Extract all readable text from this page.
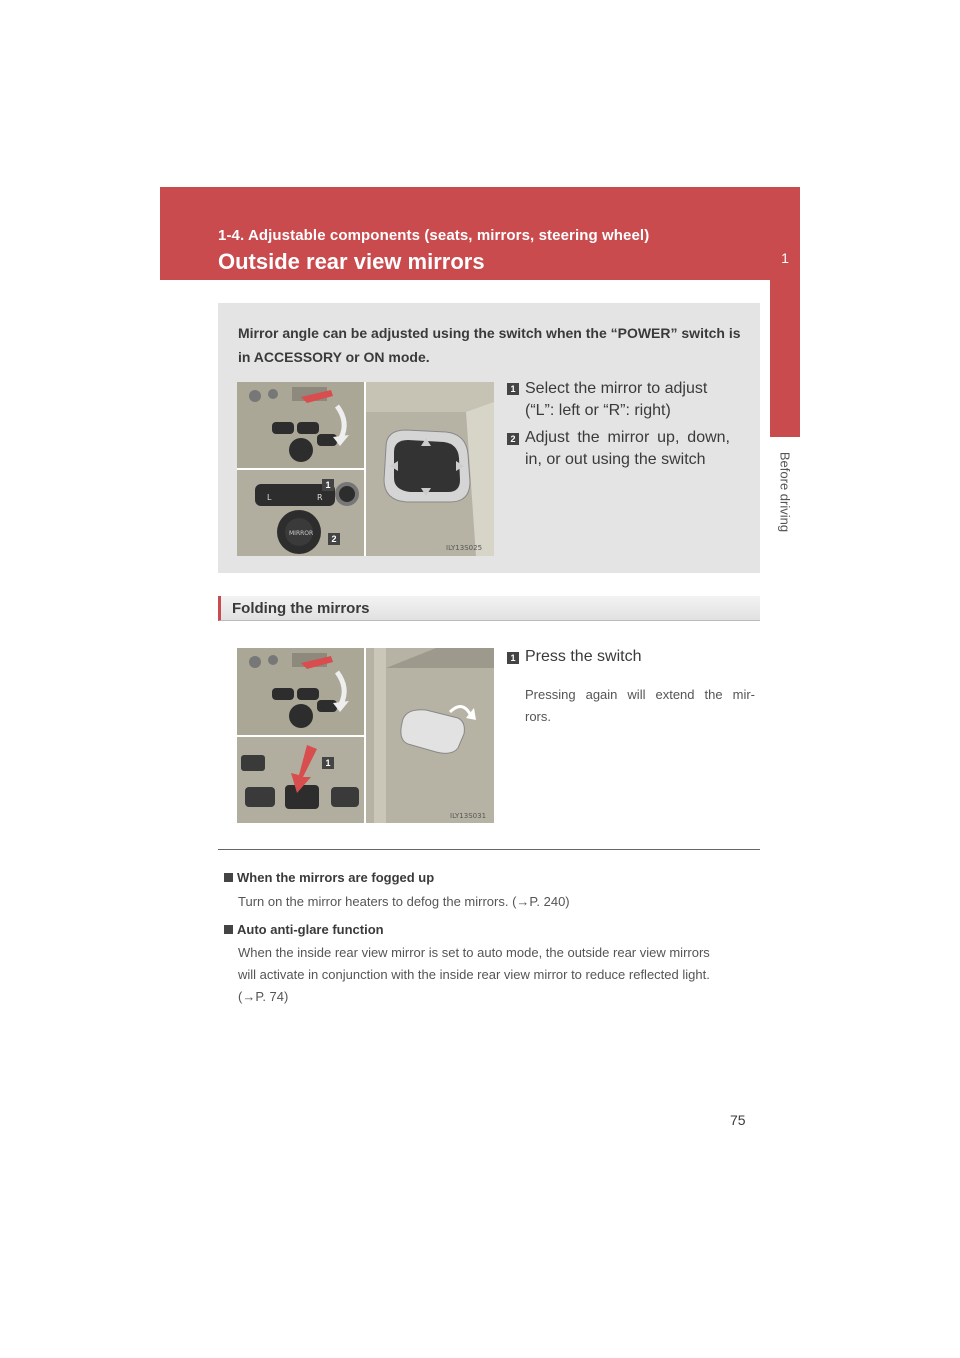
1-4. Adjustable components (seats, mirrors, steering wheel)
Outside rear view mirrors	1
Before driving
Mirror angle can be adjusted using the switch when the “POWER” switch is in ACCESSORY or ON mode.
L	R
MIRROR
1
2
ILY13S025
1 Select the mirror to adjust
(“L”: left or “R”: right)
2 Adjust the mirror up, down,
in, or out using the switch
Folding the mirrors
1
ILY13S031
1 Press the switch
Pressing again will extend the mir-
rors.
When the mirrors are fogged up
Turn on the mirror heaters to defog the mirrors. (→P. 240)
Auto anti-glare function
When the inside rear view mirror is set to auto mode, the outside rear view mirrors
will activate in conjunction with the inside rear view mirror to reduce reflected light.
(→P. 74)
75
